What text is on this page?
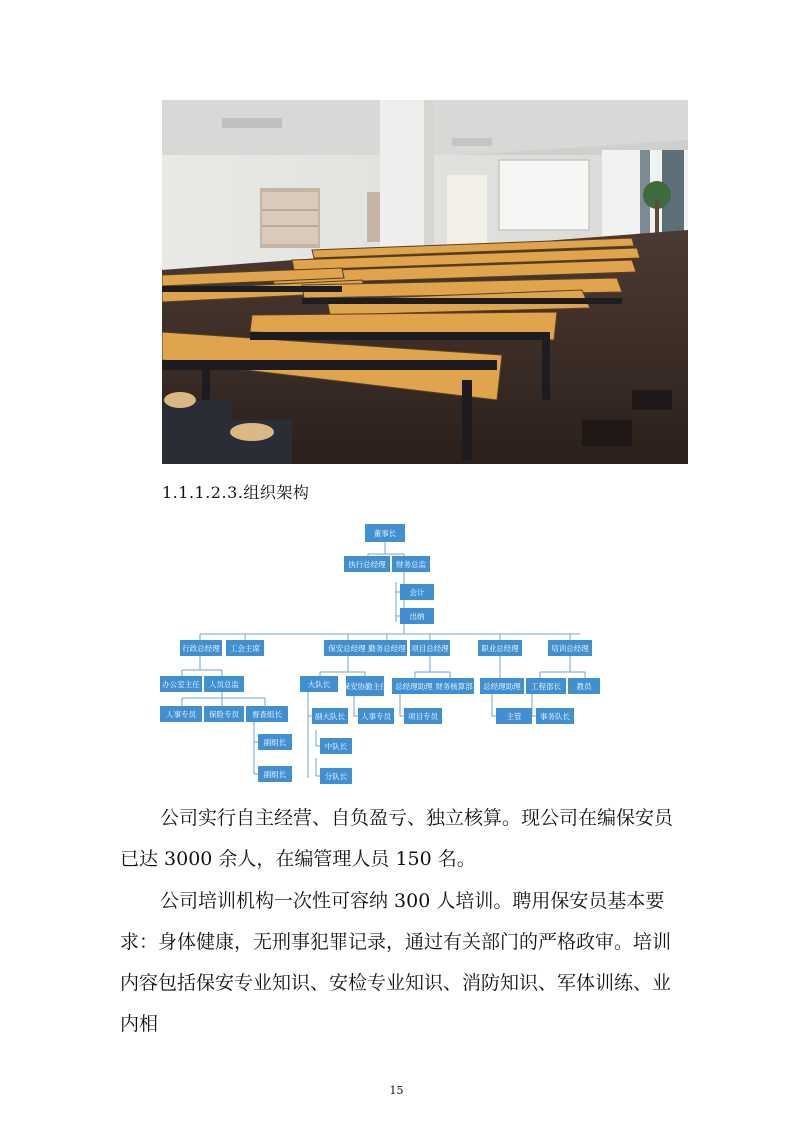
1.1.1.2.3.组织架构
董事长
执行总经理 财务总监
会计
出纳
行政总经理 工会主席	保安总经理 勤务总经理 项目总经理	职业总经理	培训总经理
办公室主任 人员总监	大队长 保安协勤主任 总经理助理 财务核算部 总经理助理 工程部长 教员
人事专员 保险专员 督查组长	副大队长 人事专员 项目专员	主管 事务队长
副组长	中队长
副组长	分队长

公司实行自主经营、自负盈亏、独立核算。现公司在编保安员已达 3000 余人，在编管理人员 150 名。

公司培训机构一次性可容纳 300 人培训。聘用保安员基本要求：身体健康，无刑事犯罪记录，通过有关部门的严格政审。培训内容包括保安专业知识、安检专业知识、消防知识、军体训练、业内相

15
